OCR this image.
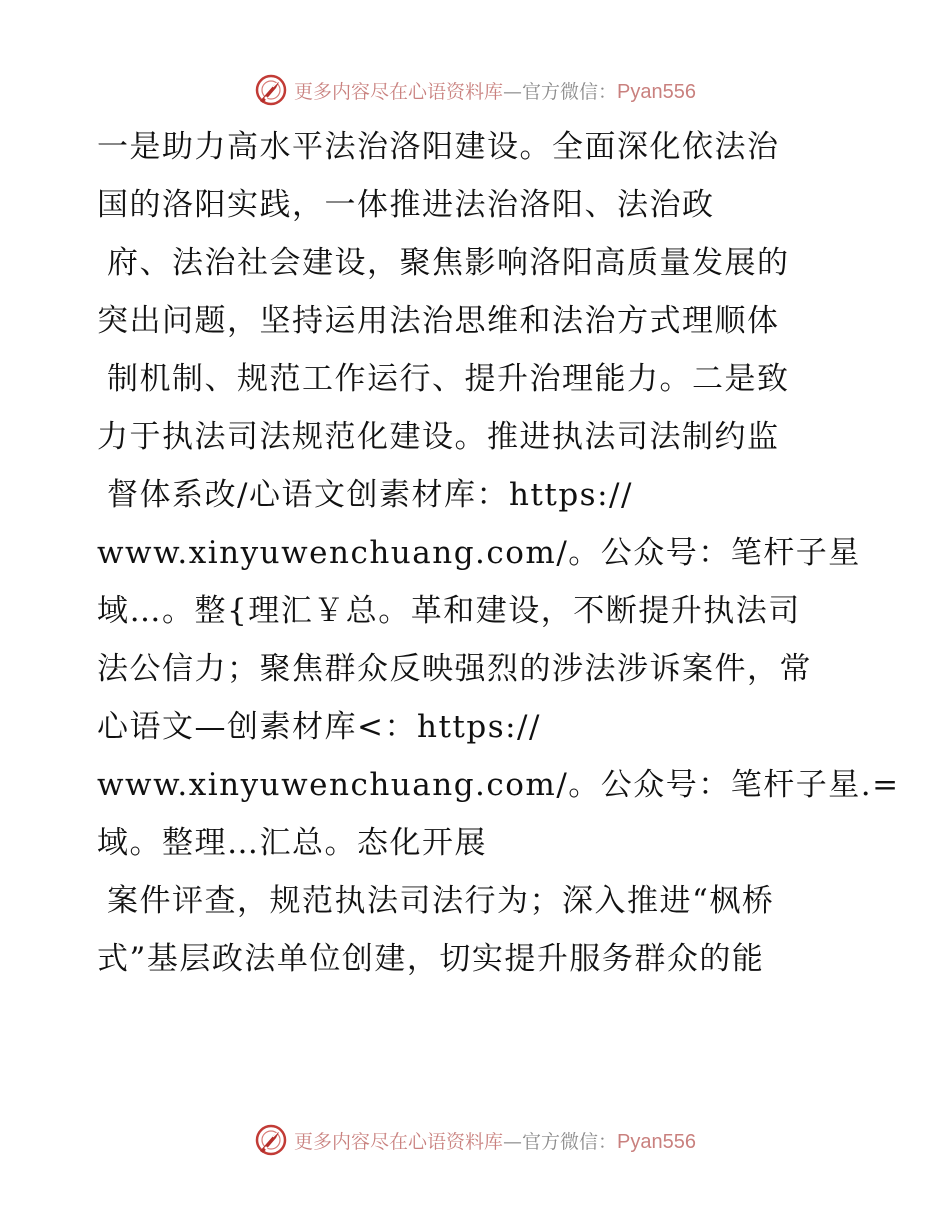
更多内容尽在心语资料库—官方微信：Pyan556
一是助力高水平法治洛阳建设。全面深化依法治
国的洛阳实践，一体推进法治洛阳、法治政
府、法治社会建设，聚焦影响洛阳高质量发展的
突出问题，坚持运用法治思维和法治方式理顺体
制机制、规范工作运行、提升治理能力。二是致
力于执法司法规范化建设。推进执法司法制约监
督体系改/心语文创素材库：https://
www.xinyuwenchuang.com/。公众号：笔杆子星
域…。整{理汇￥总。革和建设，不断提升执法司
法公信力；聚焦群众反映强烈的涉法涉诉案件，常
心语文—创素材库<：https://
www.xinyuwenchuang.com/。公众号：笔杆子星.=
域。整理…汇总。态化开展
案件评查，规范执法司法行为；深入推进“枫桥
式”基层政法单位创建，切实提升服务群众的能
更多内容尽在心语资料库—官方微信：Pyan556
